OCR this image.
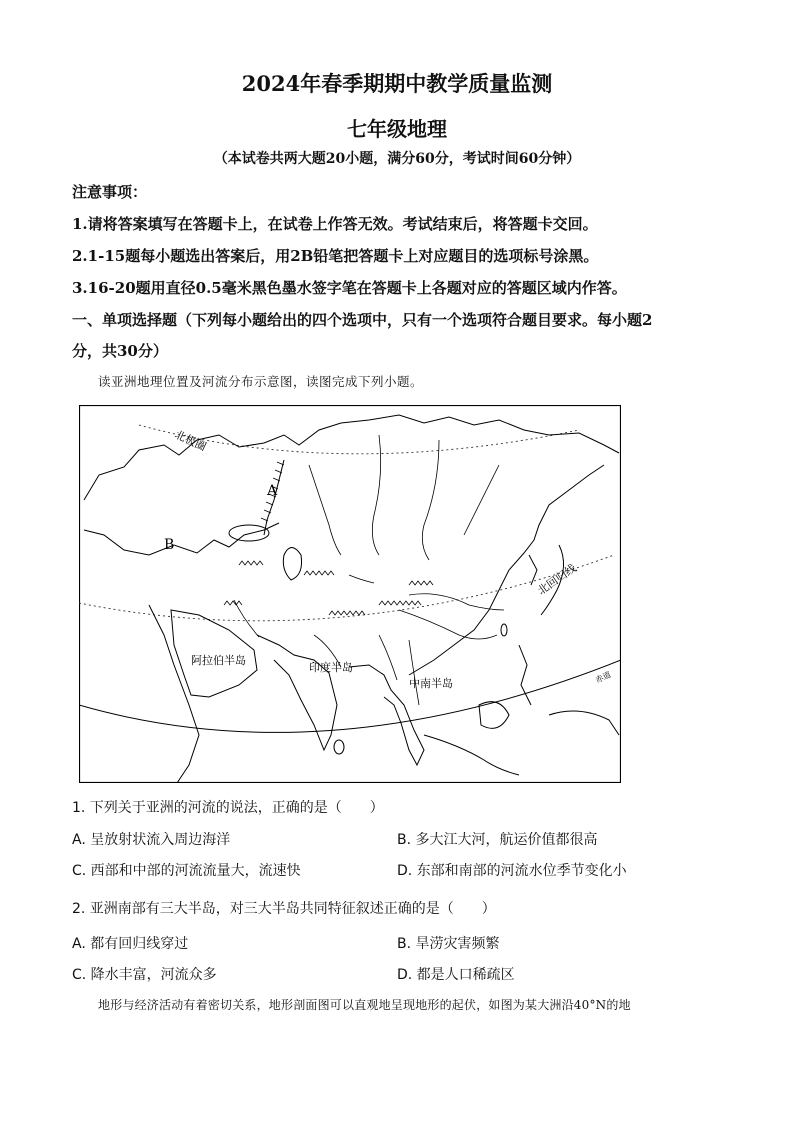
2024年春季期期中教学质量监测
七年级地理
（本试卷共两大题20小题，满分60分，考试时间60分钟）
注意事项：
1.请将答案填写在答题卡上，在试卷上作答无效。考试结束后，将答题卡交回。
2.1-15题每小题选出答案后，用2B铅笔把答题卡上对应题目的选项标号涂黑。
3.16-20题用直径0.5毫米黑色墨水签字笔在答题卡上各题对应的答题区域内作答。
一、单项选择题（下列每小题给出的四个选项中，只有一个选项符合题目要求。每小题2
分，共30分）
读亚洲地理位置及河流分布示意图，读图完成下列小题。
北极圈
北回归线
赤道
A
B
阿拉伯半岛
印度半岛
中南半岛
1. 下列关于亚洲的河流的说法，正确的是（　　）
A. 呈放射状流入周边海洋	B. 多大江大河，航运价值都很高
C. 西部和中部的河流流量大，流速快	D. 东部和南部的河流水位季节变化小
2. 亚洲南部有三大半岛，对三大半岛共同特征叙述正确的是（　　）
A. 都有回归线穿过	B. 旱涝灾害频繁
C. 降水丰富，河流众多	D. 都是人口稀疏区
地形与经济活动有着密切关系，地形剖面图可以直观地呈现地形的起伏，如图为某大洲沿40°N的地
